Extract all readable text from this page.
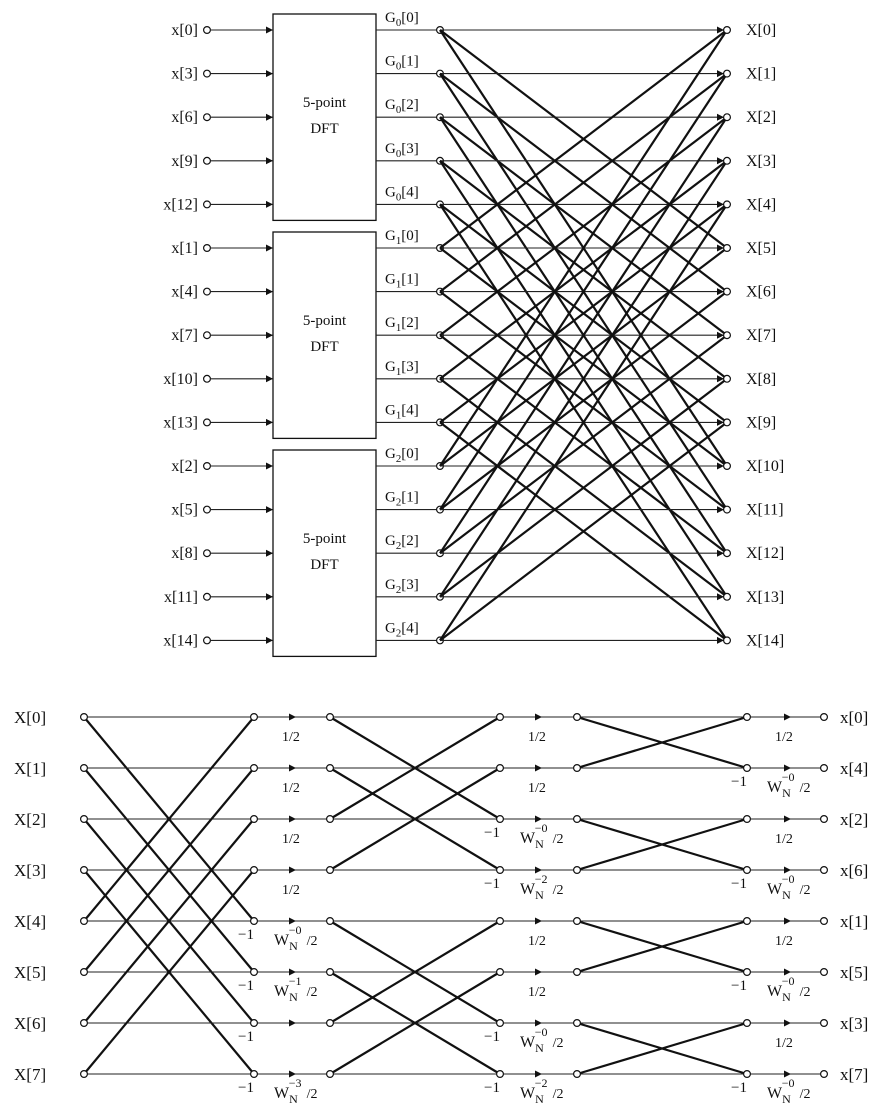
5-point
DFT
5-point
DFT
5-point
DFT
x[0]
x[3]
x[6]
x[9]
x[12]
x[1]
x[4]
x[7]
x[10]
x[13]
x[2]
x[5]
x[8]
x[11]
x[14]
$G_0[0]$
$G_0[1]$
$G_0[2]$
$G_0[3]$
$G_0[4]$
$G_1[0]$
$G_1[1]$
$G_1[2]$
$G_1[3]$
$G_1[4]$
$G_2[0]$
$G_2[1]$
$G_2[2]$
$G_2[3]$
$G_2[4]$
X[0]
X[1]
X[2]
X[3]
X[4]
X[5]
X[6]
X[7]
X[8]
X[9]
X[10]
X[11]
X[12]
X[13]
X[14]
X[0]
X[1]
X[2]
X[3]
X[4]
X[5]
X[6]
X[7]
1/2
1/2
1/2
1/2
−1 $W_N-0/2$
−1 $W_N-1/2$
−1
−1 $W_N-3/2$
1/2
1/2
−1 $W_N-0/2$
−1 $W_N-2/2$
1/2
1/2
−1 $W_N-0/2$
−1 $W_N-2/2$
1/2
−1 $W_N-0/2$
1/2
−1 $W_N-0/2$
1/2
−1 $W_N-0/2$
1/2
−1 $W_N-0/2$
x[0]
x[4]
x[2]
x[6]
x[1]
x[5]
x[3]
x[7]
